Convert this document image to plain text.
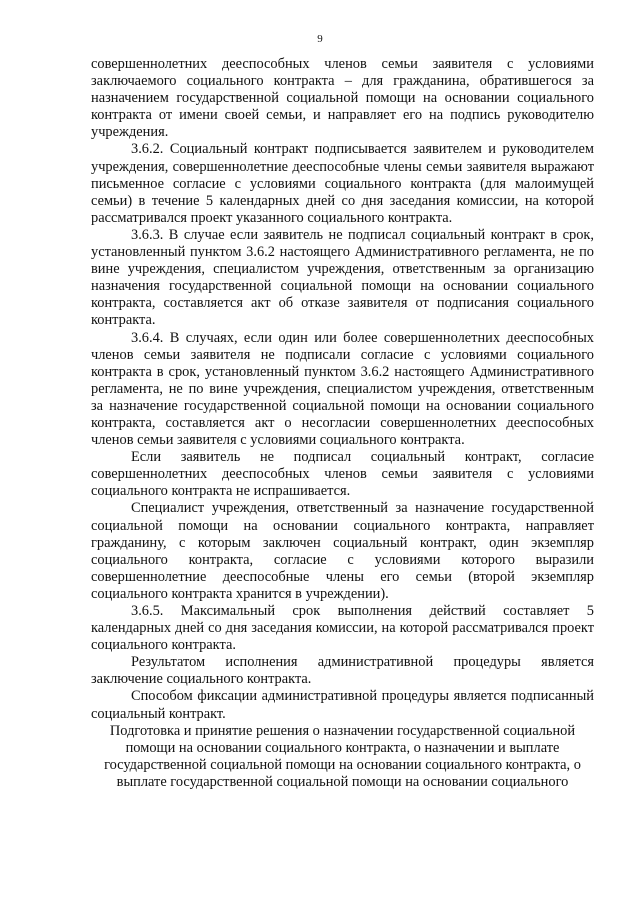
9

совершеннолетних дееспособных членов семьи заявителя с условиями заключаемого социального контракта – для гражданина, обратившегося за назначением государственной социальной помощи на основании социального контракта от имени своей семьи, и направляет его на подпись руководителю учреждения.

3.6.2. Социальный контракт подписывается заявителем и руководителем учреждения, совершеннолетние дееспособные члены семьи заявителя выражают письменное согласие с условиями социального контракта (для малоимущей семьи) в течение 5 календарных дней со дня заседания комиссии, на которой рассматривался проект указанного социального контракта.

3.6.3. В случае если заявитель не подписал социальный контракт в срок, установленный пунктом 3.6.2 настоящего Административного регламента, не по вине учреждения, специалистом учреждения, ответственным за организацию назначения государственной социальной помощи на основании социального контракта, составляется акт об отказе заявителя от подписания социального контракта.

3.6.4. В случаях, если один или более совершеннолетних дееспособных членов семьи заявителя не подписали согласие с условиями социального контракта в срок, установленный пунктом 3.6.2 настоящего Административного регламента, не по вине учреждения, специалистом учреждения, ответственным за назначение государственной социальной помощи на основании социального контракта, составляется акт о несогласии совершеннолетних дееспособных членов семьи заявителя с условиями социального контракта.

Если заявитель не подписал социальный контракт, согласие совершеннолетних дееспособных членов семьи заявителя с условиями социального контракта не испрашивается.

Специалист учреждения, ответственный за назначение государственной социальной помощи на основании социального контракта, направляет гражданину, с которым заключен социальный контракт, один экземпляр социального контракта, согласие с условиями которого выразили совершеннолетние дееспособные члены его семьи (второй экземпляр социального контракта хранится в учреждении).

3.6.5. Максимальный срок выполнения действий составляет 5 календарных дней со дня заседания комиссии, на которой рассматривался проект социального контракта.

Результатом исполнения административной процедуры является заключение социального контракта.

Способом фиксации административной процедуры является подписанный социальный контракт.

Подготовка и принятие решения о назначении государственной социальной помощи на основании социального контракта, о назначении и выплате государственной социальной помощи на основании социального контракта, о выплате государственной социальной помощи на основании социального
